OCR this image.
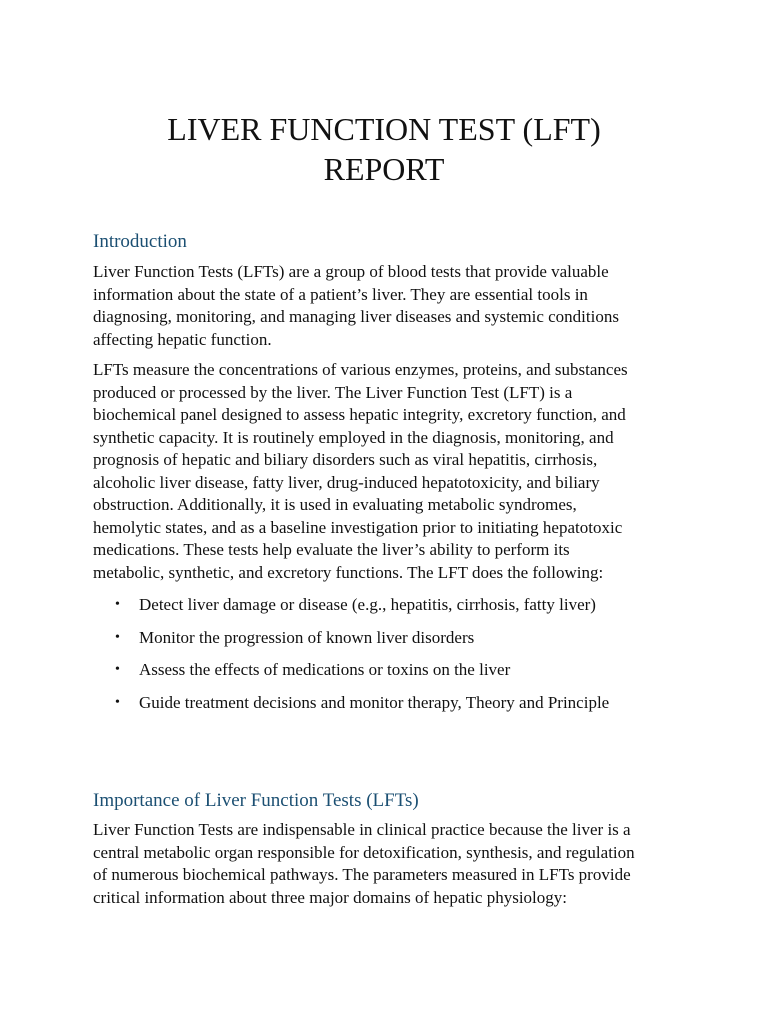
LIVER FUNCTION TEST (LFT)
REPORT
Introduction
Liver Function Tests (LFTs) are a group of blood tests that provide valuable
information about the state of a patient’s liver. They are essential tools in
diagnosing, monitoring, and managing liver diseases and systemic conditions
affecting hepatic function.
LFTs measure the concentrations of various enzymes, proteins, and substances
produced or processed by the liver. The Liver Function Test (LFT) is a
biochemical panel designed to assess hepatic integrity, excretory function, and
synthetic capacity. It is routinely employed in the diagnosis, monitoring, and
prognosis of hepatic and biliary disorders such as viral hepatitis, cirrhosis,
alcoholic liver disease, fatty liver, drug-induced hepatotoxicity, and biliary
obstruction. Additionally, it is used in evaluating metabolic syndromes,
hemolytic states, and as a baseline investigation prior to initiating hepatotoxic
medications. These tests help evaluate the liver’s ability to perform its
metabolic, synthetic, and excretory functions. The LFT does the following:
• Detect liver damage or disease (e.g., hepatitis, cirrhosis, fatty liver)
• Monitor the progression of known liver disorders
• Assess the effects of medications or toxins on the liver
• Guide treatment decisions and monitor therapy, Theory and Principle
Importance of Liver Function Tests (LFTs)
Liver Function Tests are indispensable in clinical practice because the liver is a
central metabolic organ responsible for detoxification, synthesis, and regulation
of numerous biochemical pathways. The parameters measured in LFTs provide
critical information about three major domains of hepatic physiology:
